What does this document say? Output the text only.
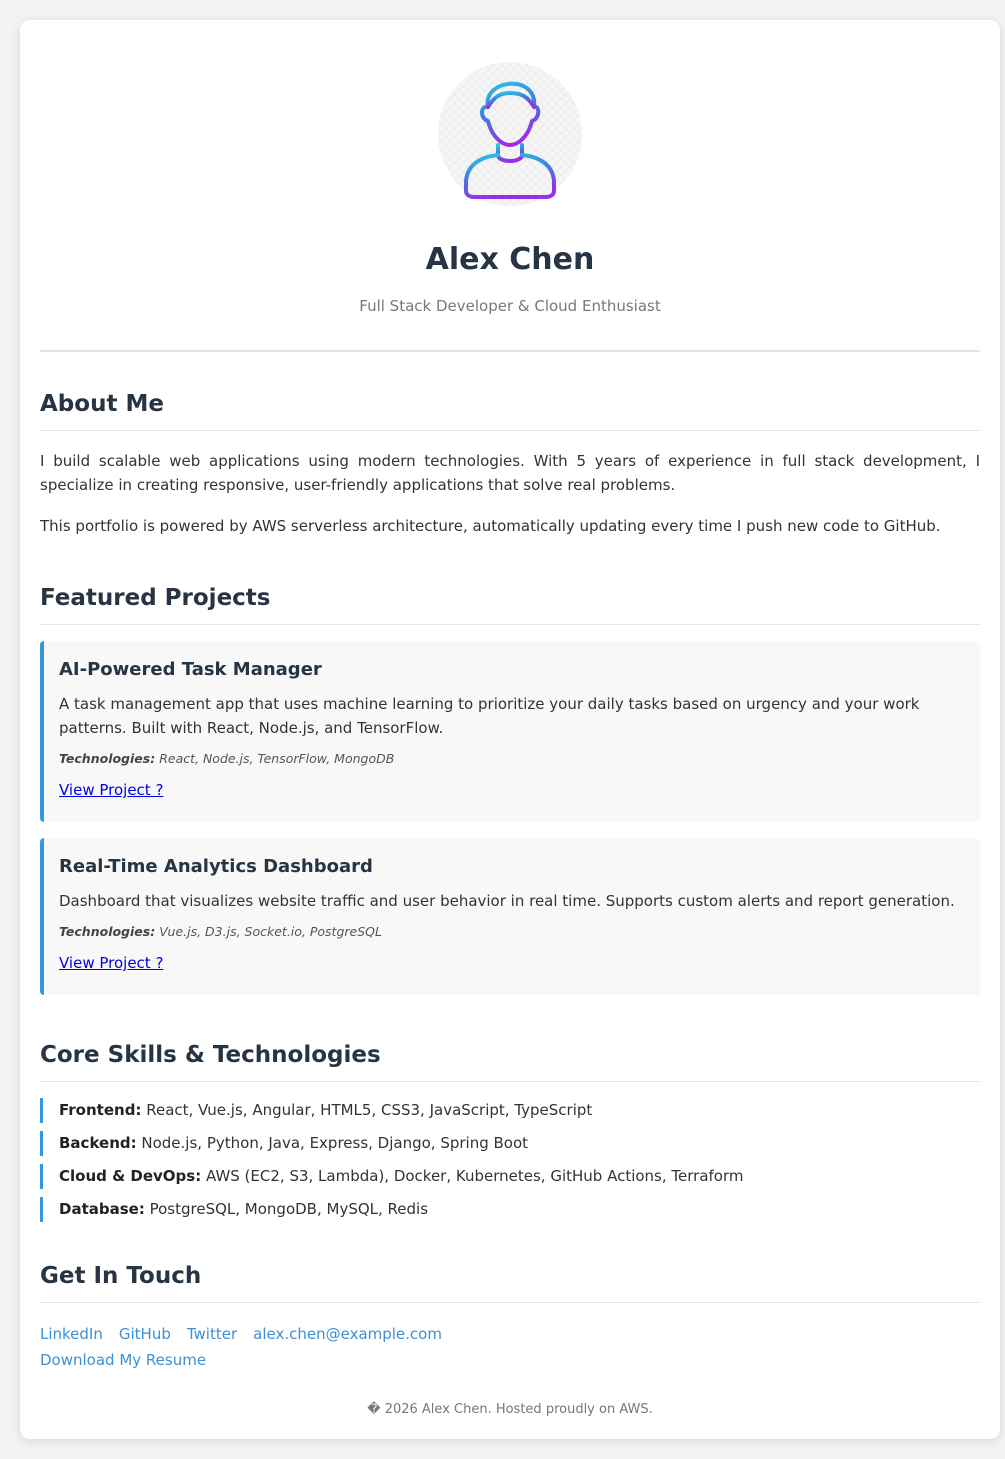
Alex Chen
Full Stack Developer & Cloud Enthusiast
About Me

I build scalable web applications using modern technologies. With 5 years of experience in full stack development, I specialize in creating responsive, user-friendly applications that solve real problems.

This portfolio is powered by AWS serverless architecture, automatically updating every time I push new code to GitHub.

Featured Projects
AI-Powered Task Manager
A task management app that uses machine learning to prioritize your daily tasks based on urgency and your work patterns. Built with React, Node.js, and TensorFlow.
Technologies: React, Node.js, TensorFlow, MongoDB
View Project ?
Real-Time Analytics Dashboard
Dashboard that visualizes website traffic and user behavior in real time. Supports custom alerts and report generation.
Technologies: Vue.js, D3.js, Socket.io, PostgreSQL
View Project ?
Core Skills & Technologies
Frontend: React, Vue.js, Angular, HTML5, CSS3, JavaScript, TypeScript
Backend: Node.js, Python, Java, Express, Django, Spring Boot
Cloud & DevOps: AWS (EC2, S3, Lambda), Docker, Kubernetes, GitHub Actions, Terraform
Database: PostgreSQL, MongoDB, MySQL, Redis
Get In Touch
LinkedIn GitHub Twitter alex.chen@example.com
Download My Resume
� 2026 Alex Chen. Hosted proudly on AWS.
